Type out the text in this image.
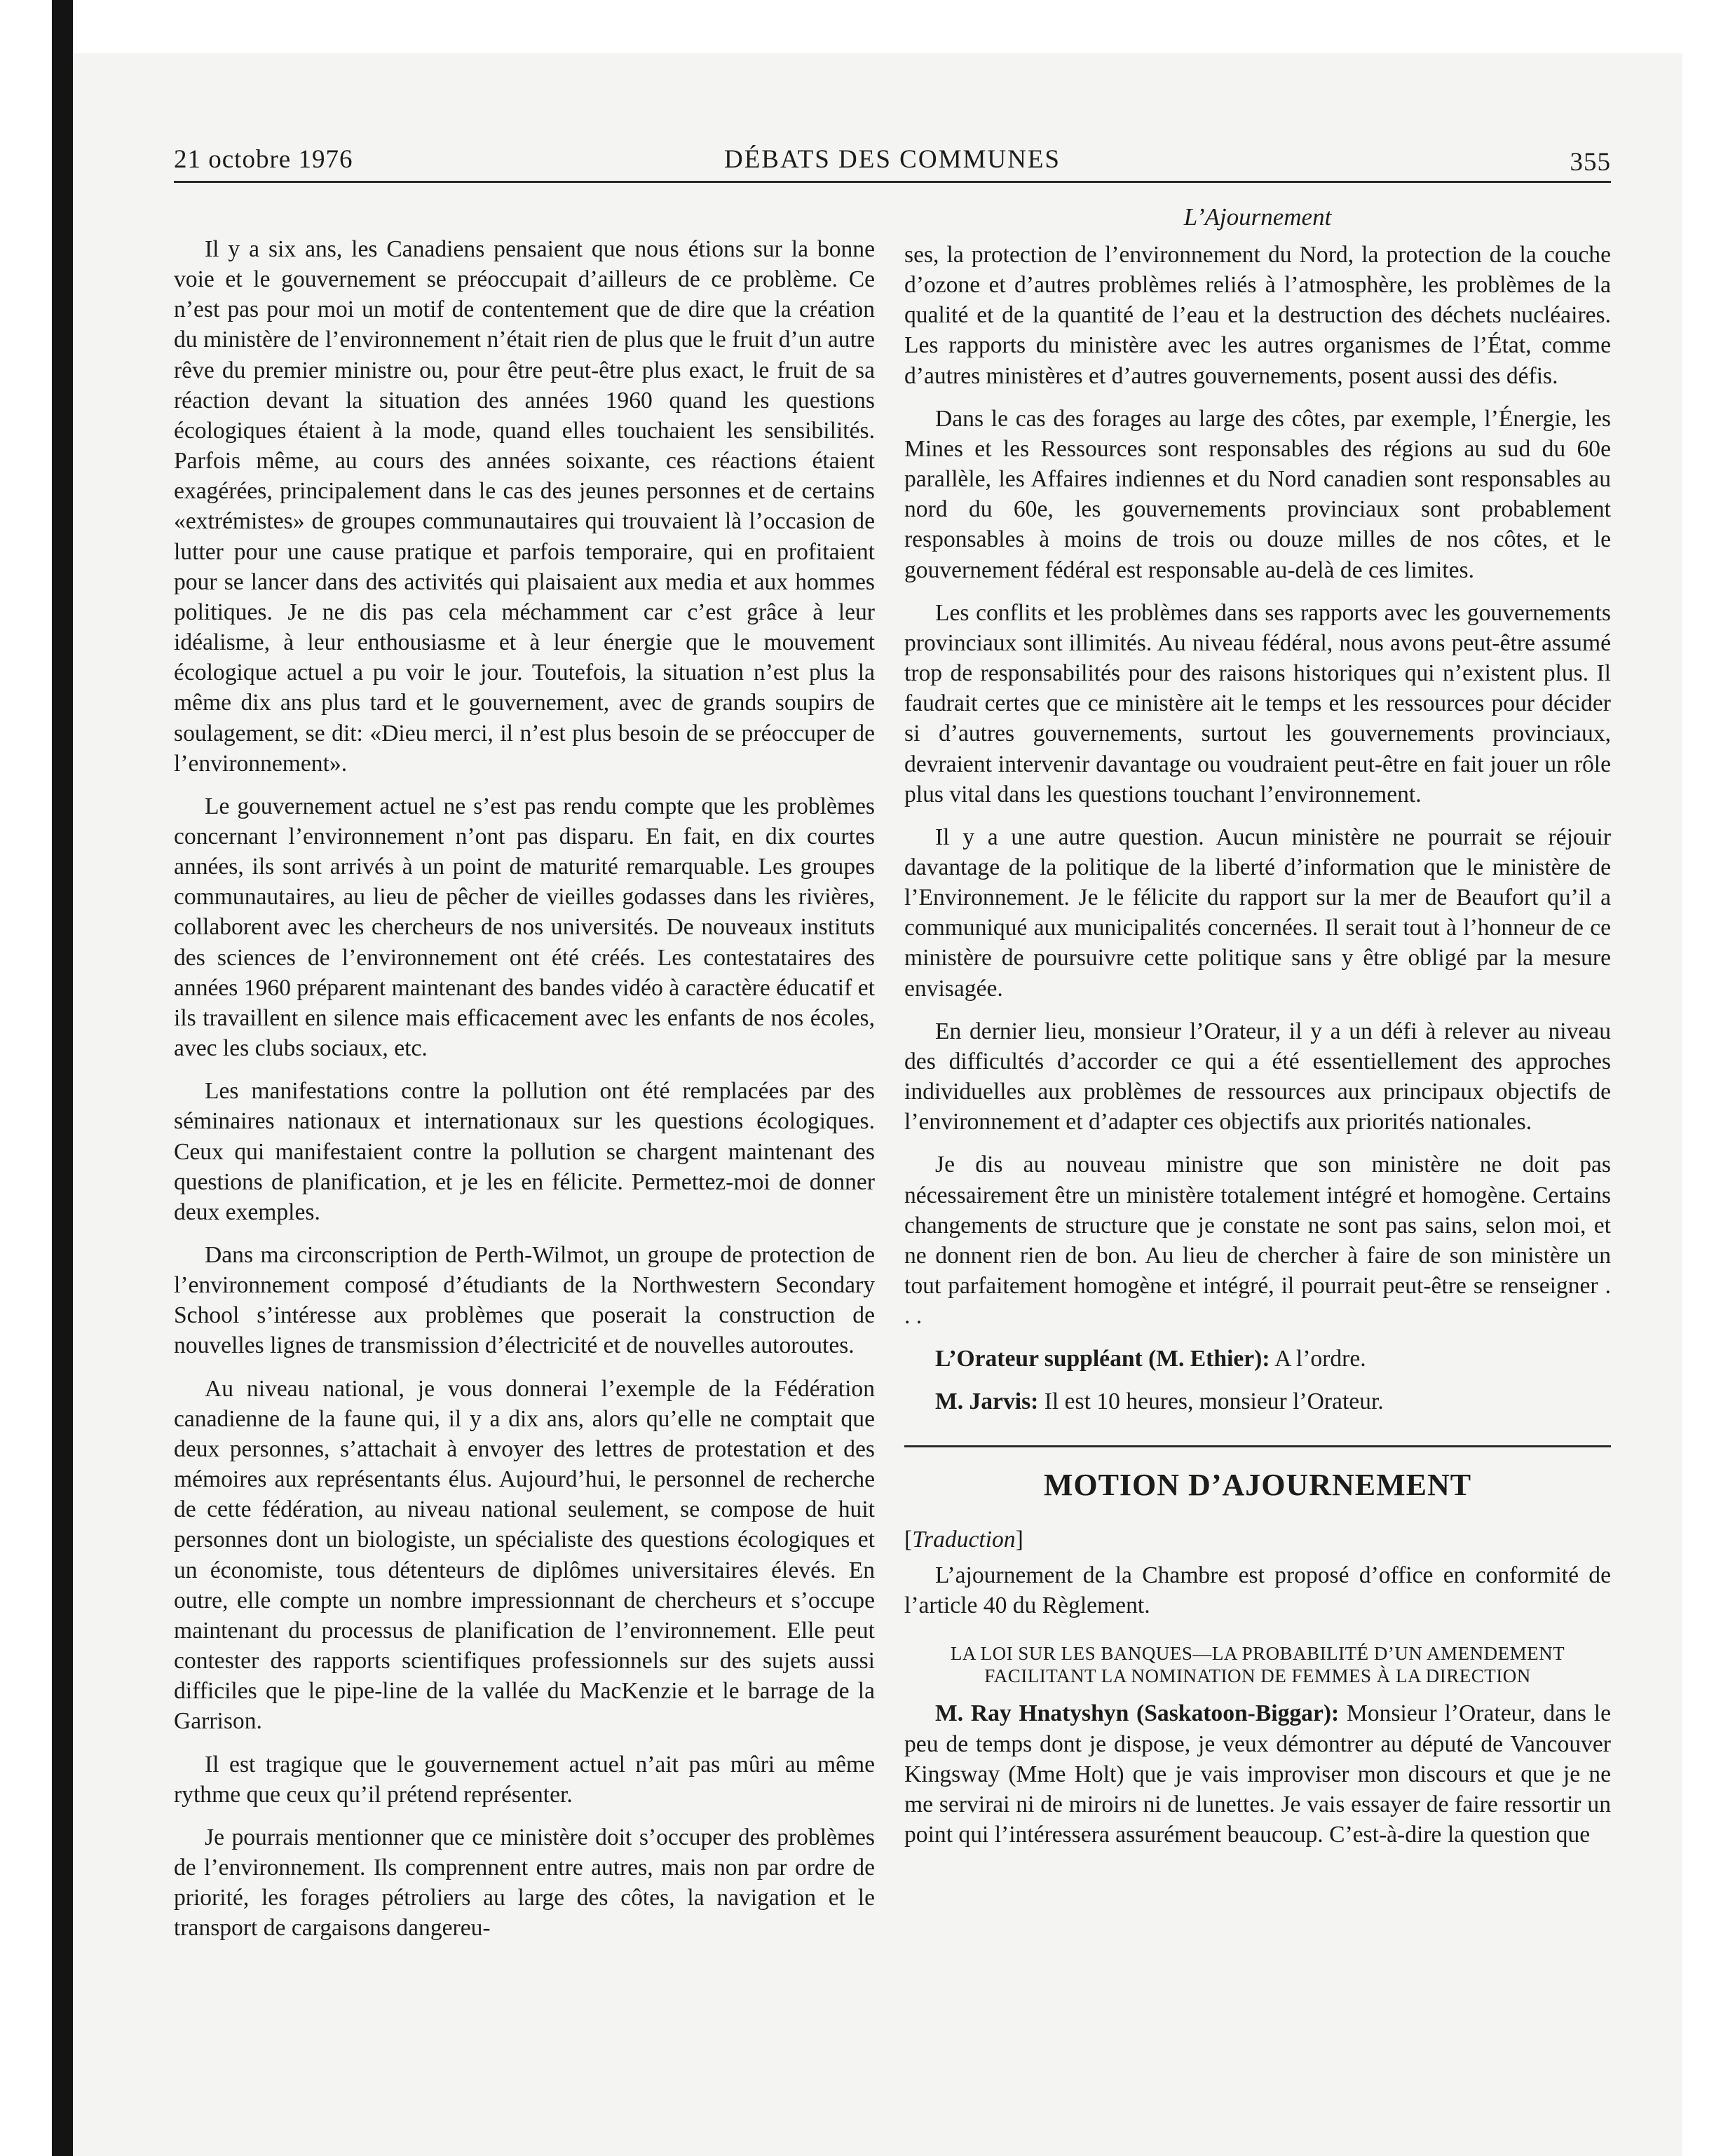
21 octobre 1976	DÉBATS DES COMMUNES	355
L’Ajournement

Il y a six ans, les Canadiens pensaient que nous étions sur la bonne voie et le gouvernement se préoccupait d’ailleurs de ce problème. Ce n’est pas pour moi un motif de contentement que de dire que la création du ministère de l’environnement n’était rien de plus que le fruit d’un autre rêve du premier ministre ou, pour être peut-être plus exact, le fruit de sa réaction devant la situation des années 1960 quand les questions écologiques étaient à la mode, quand elles touchaient les sensibilités. Parfois même, au cours des années soixante, ces réactions étaient exagérées, principalement dans le cas des jeunes personnes et de certains «extrémistes» de groupes communautaires qui trouvaient là l’occasion de lutter pour une cause pratique et parfois temporaire, qui en profitaient pour se lancer dans des activités qui plaisaient aux media et aux hommes politiques. Je ne dis pas cela méchamment car c’est grâce à leur idéalisme, à leur enthousiasme et à leur énergie que le mouvement écologique actuel a pu voir le jour. Toutefois, la situation n’est plus la même dix ans plus tard et le gouvernement, avec de grands soupirs de soulagement, se dit: «Dieu merci, il n’est plus besoin de se préoccuper de l’environnement».

Le gouvernement actuel ne s’est pas rendu compte que les problèmes concernant l’environnement n’ont pas disparu. En fait, en dix courtes années, ils sont arrivés à un point de maturité remarquable. Les groupes communautaires, au lieu de pêcher de vieilles godasses dans les rivières, collaborent avec les chercheurs de nos universités. De nouveaux instituts des sciences de l’environnement ont été créés. Les contestataires des années 1960 préparent maintenant des bandes vidéo à caractère éducatif et ils travaillent en silence mais efficacement avec les enfants de nos écoles, avec les clubs sociaux, etc.

Les manifestations contre la pollution ont été remplacées par des séminaires nationaux et internationaux sur les questions écologiques. Ceux qui manifestaient contre la pollution se chargent maintenant des questions de planification, et je les en félicite. Permettez-moi de donner deux exemples.

Dans ma circonscription de Perth-Wilmot, un groupe de protection de l’environnement composé d’étudiants de la Northwestern Secondary School s’intéresse aux problèmes que poserait la construction de nouvelles lignes de transmission d’électricité et de nouvelles autoroutes.

Au niveau national, je vous donnerai l’exemple de la Fédération canadienne de la faune qui, il y a dix ans, alors qu’elle ne comptait que deux personnes, s’attachait à envoyer des lettres de protestation et des mémoires aux représentants élus. Aujourd’hui, le personnel de recherche de cette fédération, au niveau national seulement, se compose de huit personnes dont un biologiste, un spécialiste des questions écologiques et un économiste, tous détenteurs de diplômes universitaires élevés. En outre, elle compte un nombre impressionnant de chercheurs et s’occupe maintenant du processus de planification de l’environnement. Elle peut contester des rapports scientifiques professionnels sur des sujets aussi difficiles que le pipe-line de la vallée du MacKenzie et le barrage de la Garrison.

Il est tragique que le gouvernement actuel n’ait pas mûri au même rythme que ceux qu’il prétend représenter.

Je pourrais mentionner que ce ministère doit s’occuper des problèmes de l’environnement. Ils comprennent entre autres, mais non par ordre de priorité, les forages pétroliers au large des côtes, la navigation et le transport de cargaisons dangereu-

ses, la protection de l’environnement du Nord, la protection de la couche d’ozone et d’autres problèmes reliés à l’atmosphère, les problèmes de la qualité et de la quantité de l’eau et la destruction des déchets nucléaires. Les rapports du ministère avec les autres organismes de l’État, comme d’autres ministères et d’autres gouvernements, posent aussi des défis.

Dans le cas des forages au large des côtes, par exemple, l’Énergie, les Mines et les Ressources sont responsables des régions au sud du 60e parallèle, les Affaires indiennes et du Nord canadien sont responsables au nord du 60e, les gouvernements provinciaux sont probablement responsables à moins de trois ou douze milles de nos côtes, et le gouvernement fédéral est responsable au-delà de ces limites.

Les conflits et les problèmes dans ses rapports avec les gouvernements provinciaux sont illimités. Au niveau fédéral, nous avons peut-être assumé trop de responsabilités pour des raisons historiques qui n’existent plus. Il faudrait certes que ce ministère ait le temps et les ressources pour décider si d’autres gouvernements, surtout les gouvernements provinciaux, devraient intervenir davantage ou voudraient peut-être en fait jouer un rôle plus vital dans les questions touchant l’environnement.

Il y a une autre question. Aucun ministère ne pourrait se réjouir davantage de la politique de la liberté d’information que le ministère de l’Environnement. Je le félicite du rapport sur la mer de Beaufort qu’il a communiqué aux municipalités concernées. Il serait tout à l’honneur de ce ministère de poursuivre cette politique sans y être obligé par la mesure envisagée.

En dernier lieu, monsieur l’Orateur, il y a un défi à relever au niveau des difficultés d’accorder ce qui a été essentiellement des approches individuelles aux problèmes de ressources aux principaux objectifs de l’environnement et d’adapter ces objectifs aux priorités nationales.

Je dis au nouveau ministre que son ministère ne doit pas nécessairement être un ministère totalement intégré et homogène. Certains changements de structure que je constate ne sont pas sains, selon moi, et ne donnent rien de bon. Au lieu de chercher à faire de son ministère un tout parfaitement homogène et intégré, il pourrait peut-être se renseigner . . .

L’Orateur suppléant (M. Ethier): A l’ordre.

M. Jarvis: Il est 10 heures, monsieur l’Orateur.

MOTION D’AJOURNEMENT
[Traduction]

L’ajournement de la Chambre est proposé d’office en conformité de l’article 40 du Règlement.

LA LOI SUR LES BANQUES—LA PROBABILITÉ D’UN AMENDEMENT FACILITANT LA NOMINATION DE FEMMES À LA DIRECTION

M. Ray Hnatyshyn (Saskatoon-Biggar): Monsieur l’Orateur, dans le peu de temps dont je dispose, je veux démontrer au député de Vancouver Kingsway (Mme Holt) que je vais improviser mon discours et que je ne me servirai ni de miroirs ni de lunettes. Je vais essayer de faire ressortir un point qui l’intéressera assurément beaucoup. C’est-à-dire la question que
